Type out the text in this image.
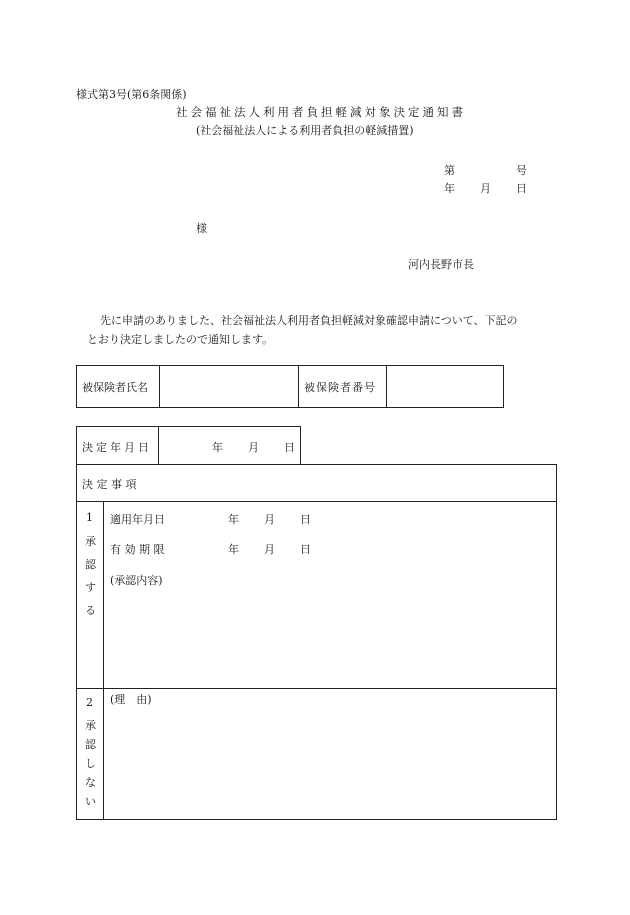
様式第3号(第6条関係)
社会福祉法人利用者負担軽減対象決定通知書
(社会福祉法人による利用者負担の軽減措置)
第	号
年 月 日
様
河内長野市長
先に申請のありました、社会福祉法人利用者負担軽減対象確認申請について、下記の
とおり決定しましたので通知します。
被保険者氏名	被保険者番号
決定年月日	年 月 日
決 定 事 項
1
承
認
す
る
適用年月日	年 月 日
有 効 期 限	年 月 日
(承認内容)
2
承
認
し
な
い
(理　由)
